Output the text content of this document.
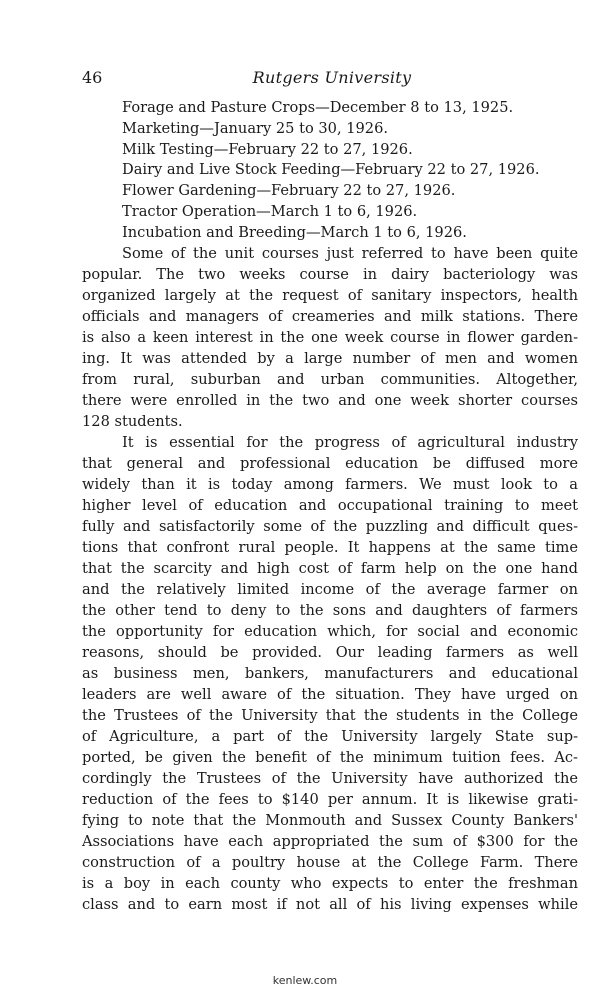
46	Rutgers University
Forage and Pasture Crops—December 8 to 13, 1925.
Marketing—January 25 to 30, 1926.
Milk Testing—February 22 to 27, 1926.
Dairy and Live Stock Feeding—February 22 to 27, 1926.
Flower Gardening—February 22 to 27, 1926.
Tractor Operation—March 1 to 6, 1926.
Incubation and Breeding—March 1 to 6, 1926.
Some of the unit courses just referred to have been quite
popular. The two weeks course in dairy bacteriology was
organized largely at the request of sanitary inspectors, health
officials and managers of creameries and milk stations. There
is also a keen interest in the one week course in flower garden-
ing. It was attended by a large number of men and women
from rural, suburban and urban communities. Altogether,
there were enrolled in the two and one week shorter courses
128 students.
It is essential for the progress of agricultural industry
that general and professional education be diffused more
widely than it is today among farmers. We must look to a
higher level of education and occupational training to meet
fully and satisfactorily some of the puzzling and difficult ques-
tions that confront rural people. It happens at the same time
that the scarcity and high cost of farm help on the one hand
and the relatively limited income of the average farmer on
the other tend to deny to the sons and daughters of farmers
the opportunity for education which, for social and economic
reasons, should be provided. Our leading farmers as well
as business men, bankers, manufacturers and educational
leaders are well aware of the situation. They have urged on
the Trustees of the University that the students in the College
of Agriculture, a part of the University largely State sup-
ported, be given the benefit of the minimum tuition fees. Ac-
cordingly the Trustees of the University have authorized the
reduction of the fees to $140 per annum. It is likewise grati-
fying to note that the Monmouth and Sussex County Bankers'
Associations have each appropriated the sum of $300 for the
construction of a poultry house at the College Farm. There
is a boy in each county who expects to enter the freshman
class and to earn most if not all of his living expenses while
kenlew.com
